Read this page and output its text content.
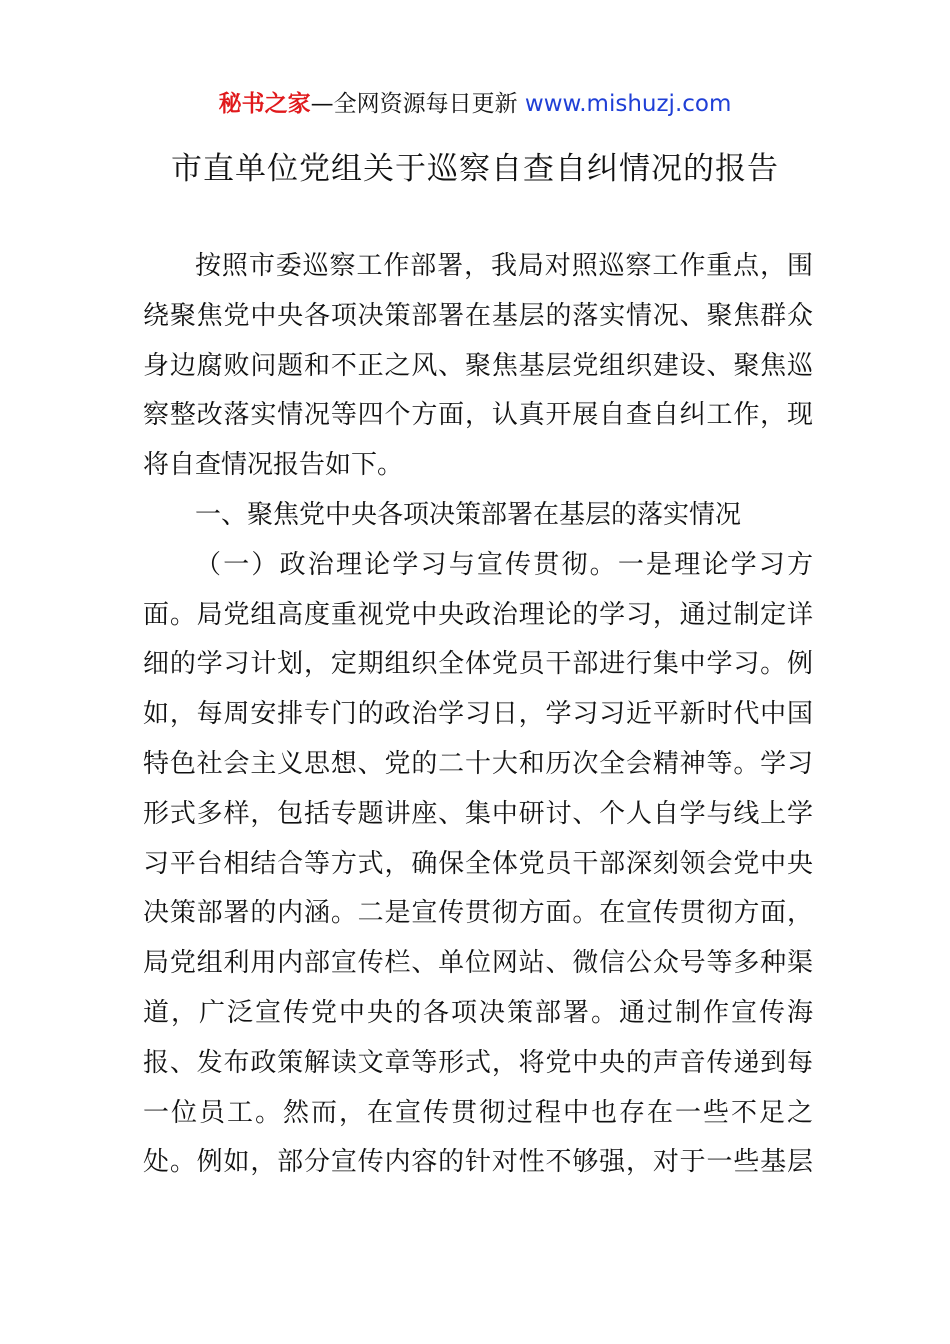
秘书之家—全网资源每日更新 www.mishuzj.com
市直单位党组关于巡察自查自纠情况的报告
按照市委巡察工作部署，我局对照巡察工作重点，围
绕聚焦党中央各项决策部署在基层的落实情况、聚焦群众
身边腐败问题和不正之风、聚焦基层党组织建设、聚焦巡
察整改落实情况等四个方面，认真开展自查自纠工作，现
将自查情况报告如下。
一、聚焦党中央各项决策部署在基层的落实情况
（一）政治理论学习与宣传贯彻。一是理论学习方
面。局党组高度重视党中央政治理论的学习，通过制定详
细的学习计划，定期组织全体党员干部进行集中学习。例
如，每周安排专门的政治学习日，学习习近平新时代中国
特色社会主义思想、党的二十大和历次全会精神等。学习
形式多样，包括专题讲座、集中研讨、个人自学与线上学
习平台相结合等方式，确保全体党员干部深刻领会党中央
决策部署的内涵。二是宣传贯彻方面。在宣传贯彻方面，
局党组利用内部宣传栏、单位网站、微信公众号等多种渠
道，广泛宣传党中央的各项决策部署。通过制作宣传海
报、发布政策解读文章等形式，将党中央的声音传递到每
一位员工。然而，在宣传贯彻过程中也存在一些不足之
处。例如，部分宣传内容的针对性不够强，对于一些基层
